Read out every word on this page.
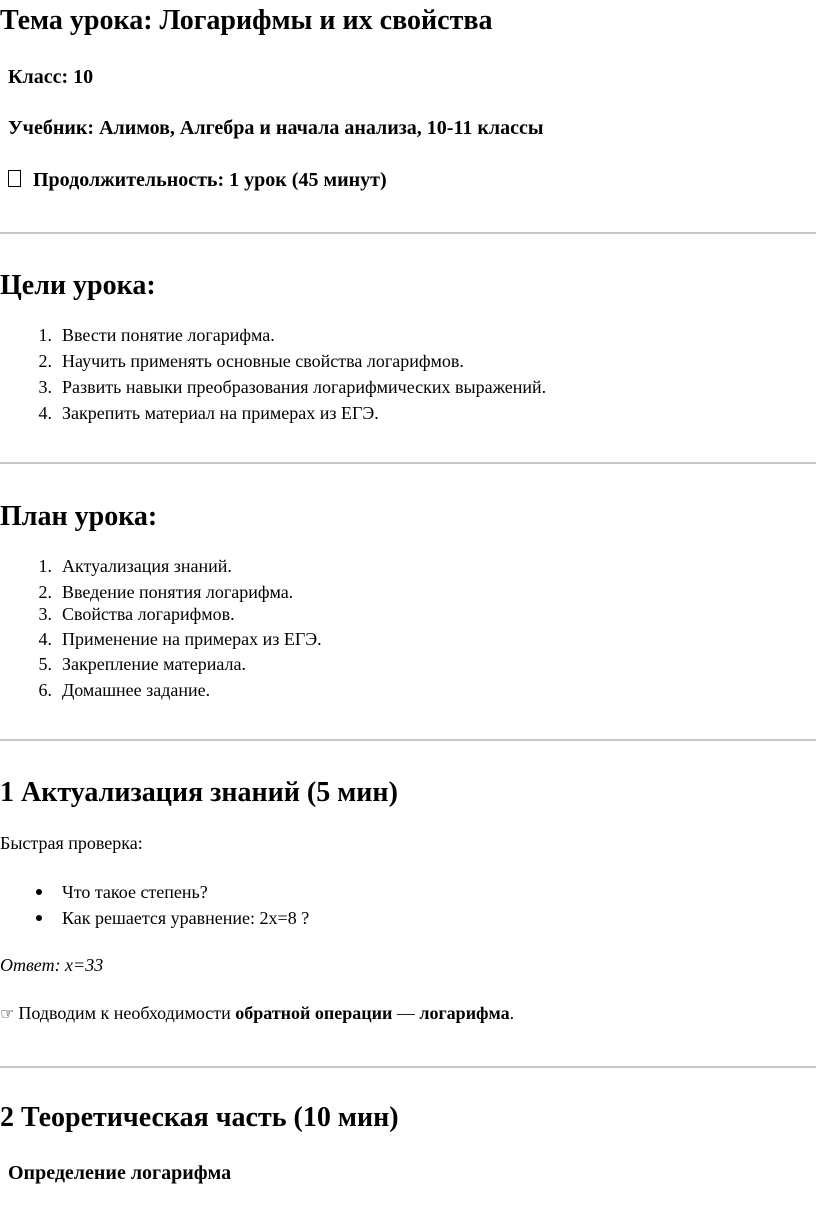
Тема урока: Логарифмы и их свойства
Класс: 10
Учебник: Алимов, Алгебра и начала анализа, 10-11 классы
Продолжительность: 1 урок (45 минут)
Цели урока:
1. Ввести понятие логарифма.
2. Научить применять основные свойства логарифмов.
3. Развить навыки преобразования логарифмических выражений.
4. Закрепить материал на примерах из ЕГЭ.
План урока:
1. Актуализация знаний.
2. Введение понятия логарифма.
3. Свойства логарифмов.
4. Применение на примерах из ЕГЭ.
5. Закрепление материала.
6. Домашнее задание.
1 Актуализация знаний (5 мин)
Быстрая проверка:
Что такое степень?
Как решается уравнение: 2x=8 ?
Ответ: x=33
☞ Подводим к необходимости обратной операции — логарифма.
2 Теоретическая часть (10 мин)
Определение логарифма
